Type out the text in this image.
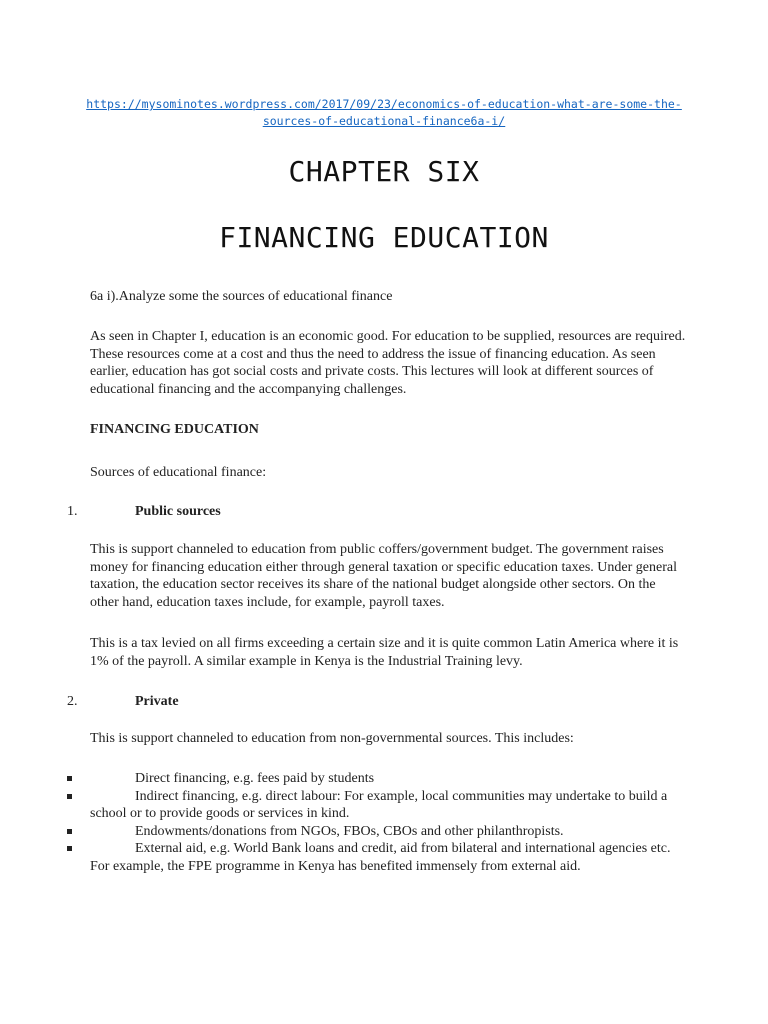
https://mysominotes.wordpress.com/2017/09/23/economics-of-education-what-are-some-the-
sources-of-educational-finance6a-i/
CHAPTER SIX
FINANCING EDUCATION

6a i).Analyze some the sources of educational finance

As seen in Chapter I, education is an economic good. For education to be supplied, resources are required. These resources come at a cost and thus the need to address the issue of financing education. As seen earlier, education has got social costs and private costs. This lectures will look at different sources of educational financing and the accompanying challenges.

FINANCING EDUCATION

Sources of educational finance:

1.	Public sources

This is support channeled to education from public coffers/government budget. The government raises money for financing education either through general taxation or specific education taxes. Under general taxation, the education sector receives its share of the national budget alongside other sectors. On the other hand, education taxes include, for example, payroll taxes.

This is a tax levied on all firms exceeding a certain size and it is quite common Latin America where it is 1% of the payroll. A similar example in Kenya is the Industrial Training levy.

2.	Private

This is support channeled to education from non-governmental sources. This includes:

Direct financing, e.g. fees paid by students
Indirect financing, e.g. direct labour: For example, local communities may undertake to build a school or to provide goods or services in kind.
Endowments/donations from NGOs, FBOs, CBOs and other philanthropists.
External aid, e.g. World Bank loans and credit, aid from bilateral and international agencies etc. For example, the FPE programme in Kenya has benefited immensely from external aid.
